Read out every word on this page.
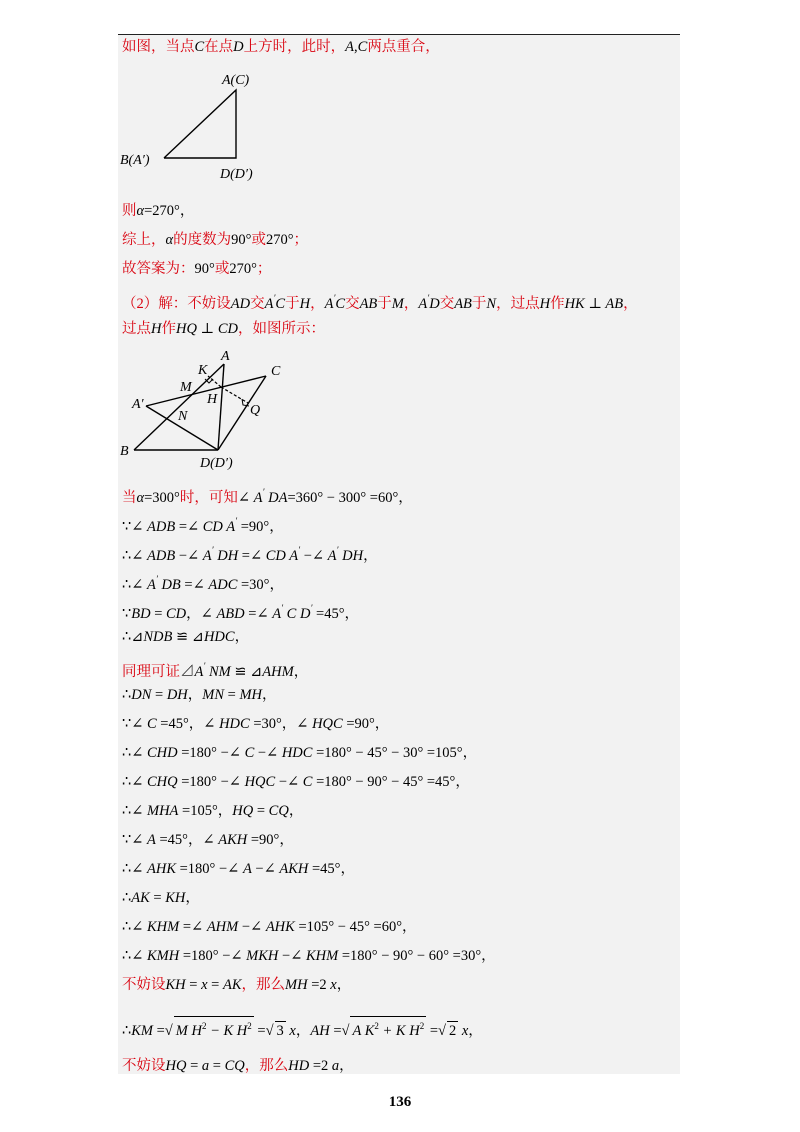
如图，当点C在点D上方时，此时，A,C两点重合，
A(C)
B(A′)
D(D′)
则α=270°，
综上，α的度数为90°或270°；
故答案为：90°或270°；
（2）解：不妨设AD交A′C于H，A′C交AB于M，A′D交AB于N，过点H作HK ⊥ AB，
过点H作HQ ⊥ CD，如图所示：
K
A
C
M
H
A′	Q
N
B
D(D′)
当α=300°时，可知∠ A′ DA=360° − 300° =60°，
∵∠ ADB =∠ CD A′ =90°，
∴∠ ADB −∠ A′ DH =∠ CD A′ −∠ A′ DH，
∴∠ A′ DB =∠ ADC =30°，
∵BD = CD，∠ ABD =∠ A′ C D′ =45°，
∴⊿NDB ≌ ⊿HDC，
同理可证⊿A′ NM ≌ ⊿AHM，
∴DN = DH，MN = MH，
∵∠ C =45°，∠ HDC =30°，∠ HQC =90°，
∴∠ CHD =180° −∠ C −∠ HDC =180° − 45° − 30° =105°，
∴∠ CHQ =180° −∠ HQC −∠ C =180° − 90° − 45° =45°，
∴∠ MHA =105°，HQ = CQ，
∵∠ A =45°，∠ AKH =90°，
∴∠ AHK =180° −∠ A −∠ AKH =45°，
∴AK = KH，
∴∠ KHM =∠ AHM −∠ AHK =105° − 45° =60°，
∴∠ KMH =180° −∠ MKH −∠ KHM =180° − 90° − 60° =30°，
不妨设KH = x = AK，那么MH =2 x，
∴KM =√ M $H^2 - K$ $H^2$ =√ 3 x，AH =√ A $K^2 + K$ $H^2$ =√ 2 x，
不妨设HQ = a = CQ，那么HD =2 a，
136
